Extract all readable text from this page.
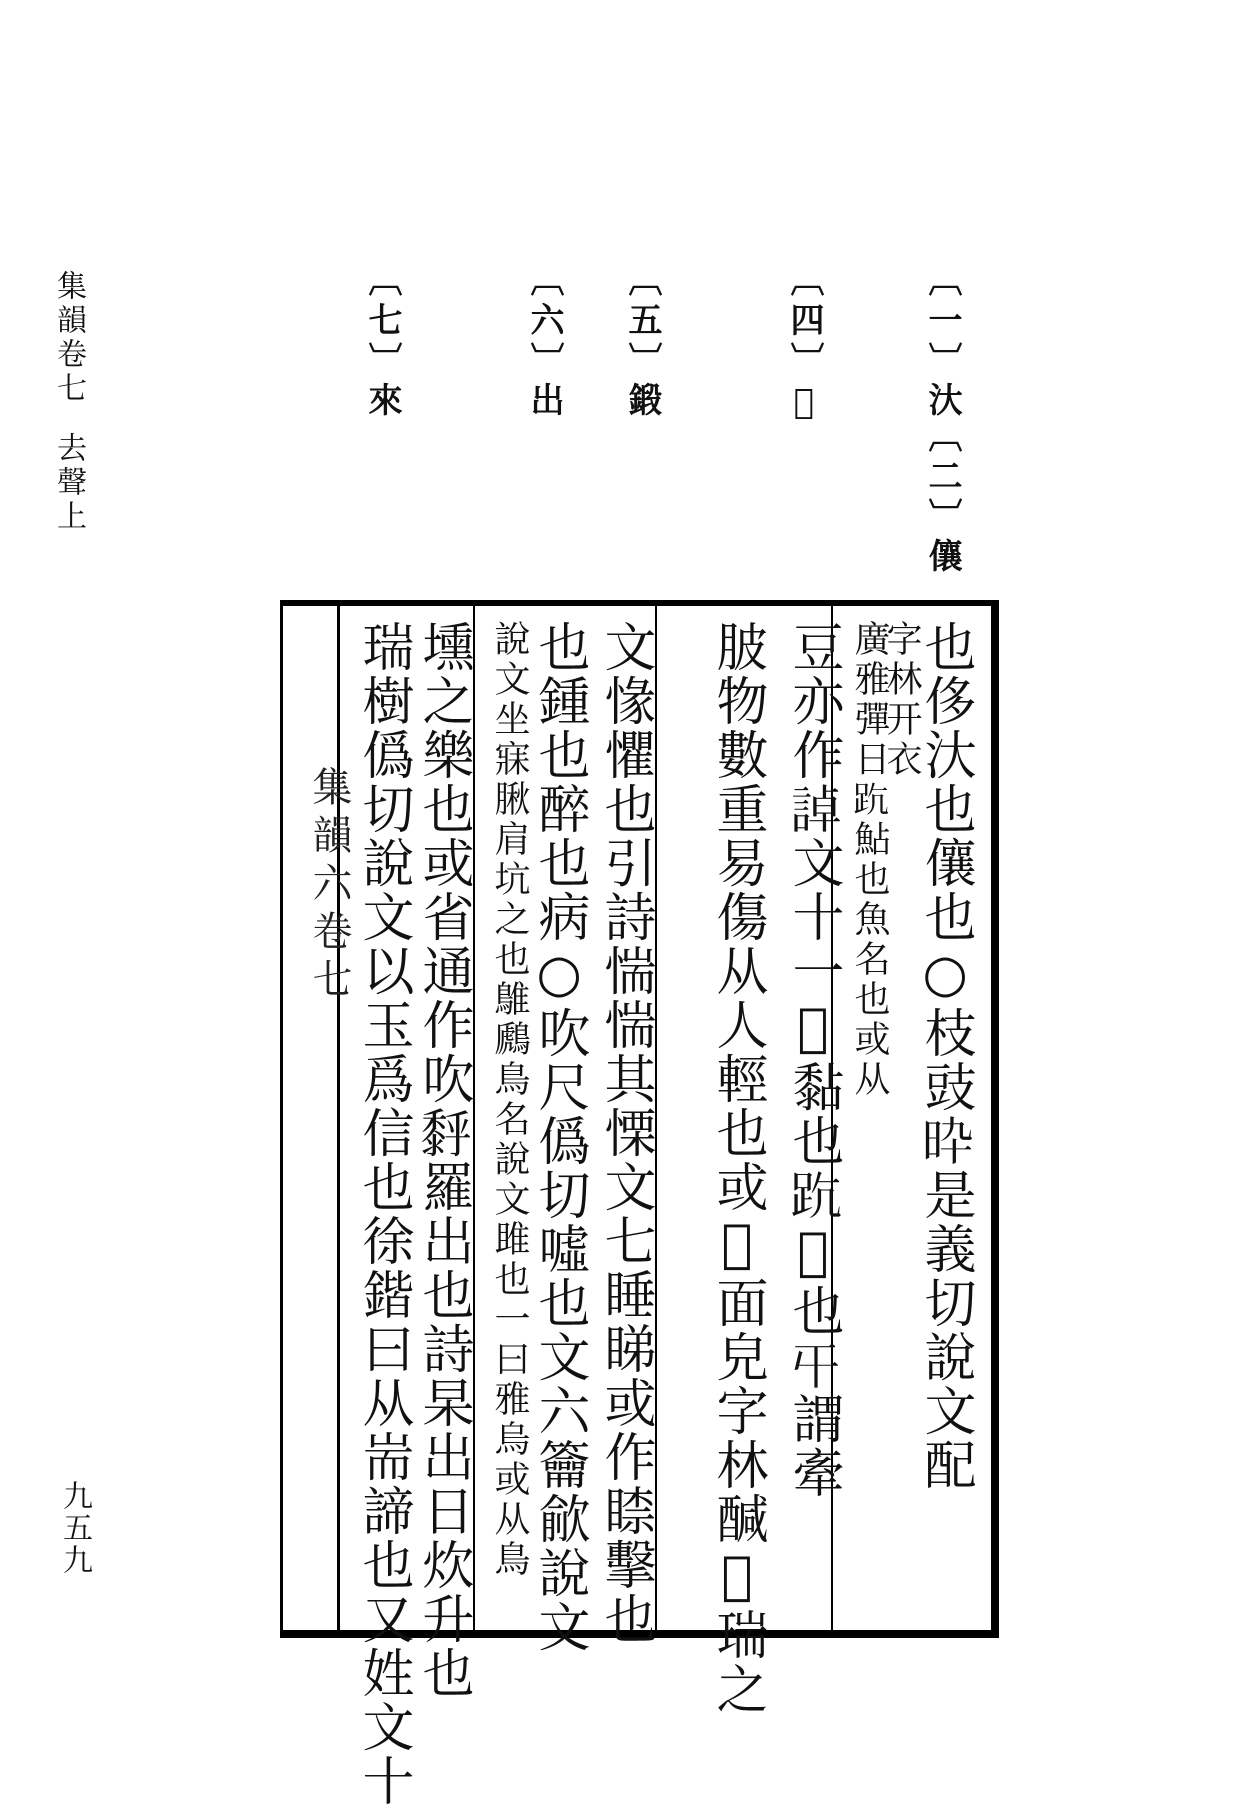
集韻卷七去聲上
九五九
〔一〕汏
〔二〕儴
〔四〕𩐈
〔五〕鍛
〔六〕出
〔七〕來
集韻六卷七	也侈汏也儴也○枝豉𣅢是義切說文配
字林开衣
豆亦作𧨳文十一𥞊黏也𧿦𩐈也𡕒謂牽 廣雅彈日𧿦鮎也魚名也或从
䏢物數重易傷从人輕也或𩐈面皃字林醎𥆍瑞之
文㥟懼也引詩惴惴其慄文七睡睇或作𥈡擊也
也鍾也醉也病○吹尺僞切噓也文六籥歈說文
壎之樂也或省通作吹𪏹羅出也詩杲出日炊升也
瑞樹僞切說文以玉爲信也徐鍇曰从耑諦也又姓文十 說文坐寐䐐肩坑之也鵻鷉鳥名說文雎也一曰雅烏或从鳥
